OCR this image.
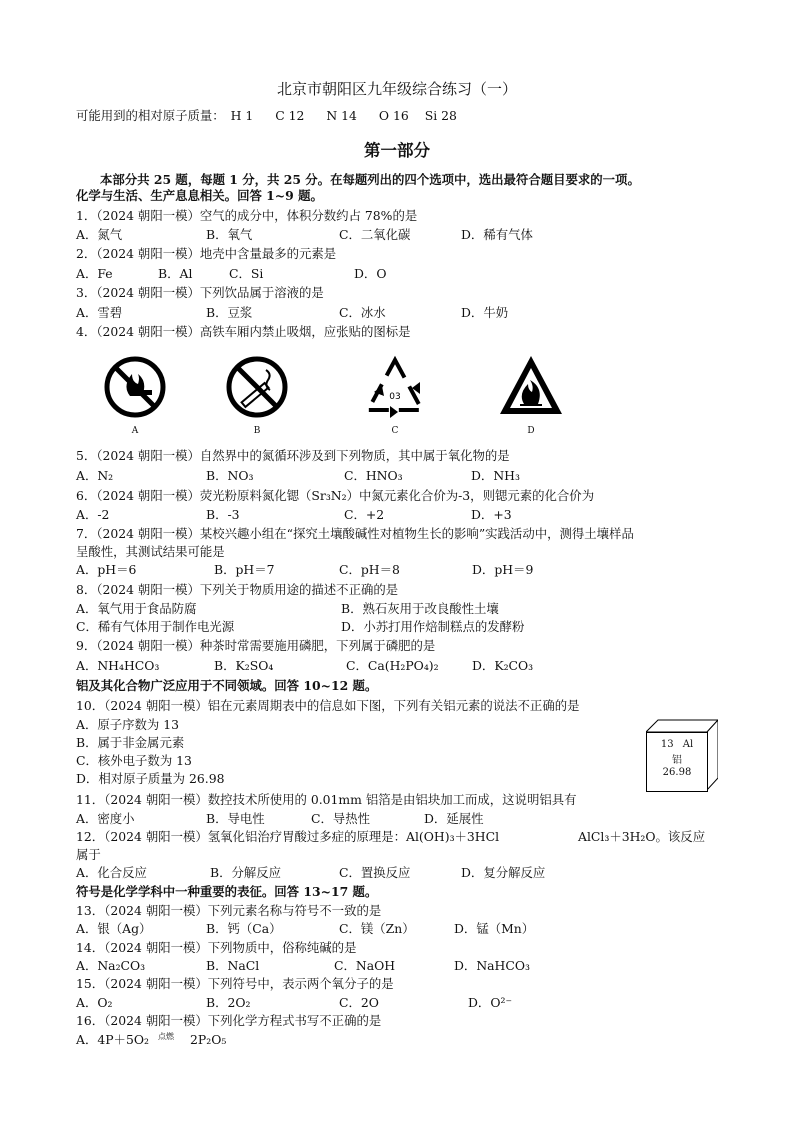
北京市朝阳区九年级综合练习（一）
可能用到的相对原子质量： H 1 C 12 N 14 O 16 Si 28
第一部分
本部分共 25 题，每题 1 分，共 25 分。在每题列出的四个选项中，选出最符合题目要求的一项。
化学与生活、生产息息相关。回答 1~9 题。
1．（2024 朝阳一模）空气的成分中，体积分数约占 78%的是
A．氮气	B．氧气	C．二氧化碳	D．稀有气体
2．（2024 朝阳一模）地壳中含量最多的元素是
A．Fe	B．Al	C．Si	D．O
3．（2024 朝阳一模）下列饮品属于溶液的是
A．雪碧	B．豆浆	C．冰水	D．牛奶
4．（2024 朝阳一模）高铁车厢内禁止吸烟，应张贴的图标是
A	B
03
C	D
5．（2024 朝阳一模）自然界中的氮循环涉及到下列物质，其中属于氧化物的是
A．N₂	B．NO₃	C．HNO₃	D．NH₃
6．（2024 朝阳一模）荧光粉原料氮化锶（Sr₃N₂）中氮元素化合价为-3，则锶元素的化合价为
A．-2	B．-3	C．+2	D．+3
7．（2024 朝阳一模）某校兴趣小组在“探究土壤酸碱性对植物生长的影响”实践活动中，测得土壤样品
呈酸性，其测试结果可能是
A．pH＝6	B．pH＝7	C．pH＝8	D．pH＝9
8．（2024 朝阳一模）下列关于物质用途的描述不正确的是
A．氧气用于食品防腐	B．熟石灰用于改良酸性土壤
C．稀有气体用于制作电光源	D．小苏打用作焙制糕点的发酵粉
9．（2024 朝阳一模）种茶时常需要施用磷肥，下列属于磷肥的是
A．NH₄HCO₃	B．K₂SO₄	C．Ca(H₂PO₄)₂	D．K₂CO₃
铝及其化合物广泛应用于不同领域。回答 10~12 题。
10．（2024 朝阳一模）铝在元素周期表中的信息如下图，下列有关铝元素的说法不正确的是
A．原子序数为 13
B．属于非金属元素
C．核外电子数为 13
D．相对原子质量为 26.98
13 Al
铝
26.98
11．（2024 朝阳一模）数控技术所使用的 0.01mm 铝箔是由铝块加工而成，这说明铝具有
A．密度小	B．导电性	C．导热性	D．延展性
12．（2024 朝阳一模）氢氧化铝治疗胃酸过多症的原理是：Al(OH)₃＋3HCl	AlCl₃＋3H₂O。该反应
属于
A．化合反应	B．分解反应	C．置换反应	D．复分解反应
符号是化学学科中一种重要的表征。回答 13~17 题。
13．（2024 朝阳一模）下列元素名称与符号不一致的是
A．银（Ag）	B．钙（Ca）	C．镁（Zn）	D．锰（Mn）
14．（2024 朝阳一模）下列物质中，俗称纯碱的是
A．Na₂CO₃	B．NaCl	C．NaOH	D．NaHCO₃
15．（2024 朝阳一模）下列符号中，表示两个氧分子的是
A．O₂	B．2O₂	C．2O	D．O²⁻
16．（2024 朝阳一模）下列化学方程式书写不正确的是
A．4P＋5O₂ 点燃 2P₂O₅
